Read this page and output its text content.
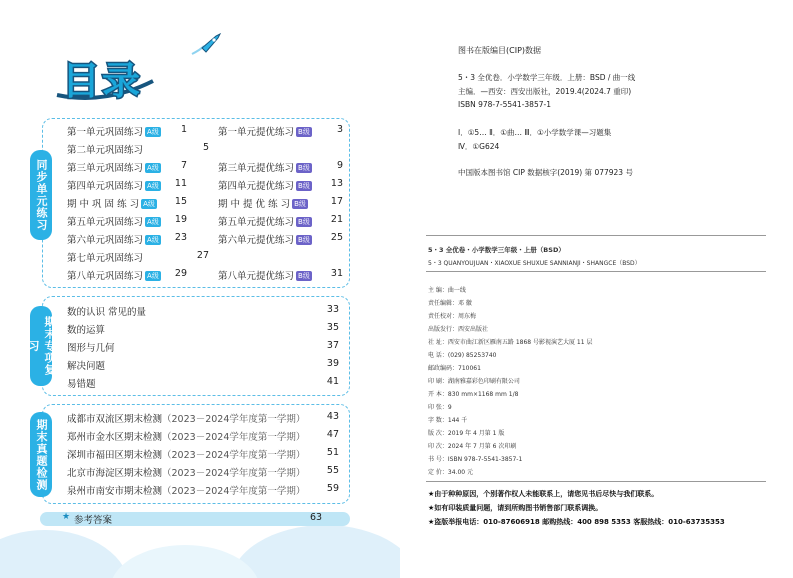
目录
同步单元练习
第一单元巩固练习 A级	1
第二单元巩固练习	5
第三单元巩固练习 A级	7
第四单元巩固练习 A级	11
期 中 巩 固 练 习 A级	15
第五单元巩固练习 A级	19
第六单元巩固练习 A级	23
第七单元巩固练习	27
第八单元巩固练习 A级	29
第一单元提优练习 B级	3
第三单元提优练习 B级	9
第四单元提优练习 B级	13
期 中 提 优 练 习 B级	17
第五单元提优练习 B级	21
第六单元提优练习 B级	25
第八单元提优练习 B级	31
期末专项复习
数的认识 常见的量	33
数的运算	35
图形与几何	37
解决问题	39
易错题	41
期末真题检测	成都市双流区期末检测（2023－2024学年度第一学期）	43
郑州市金水区期末检测（2023－2024学年度第一学期）	47
深圳市福田区期末检测（2023－2024学年度第一学期）	51
北京市海淀区期末检测（2023－2024学年度第一学期）	55
泉州市南安市期末检测（2023－2024学年度第一学期）	59
★ 参考答案	63
图书在版编目(CIP)数据
5・3 全优卷．小学数学三年级．上册：BSD / 曲一线
主编．—西安：西安出版社，2019.4(2024.7 重印)
ISBN 978-7-5541-3857-1
Ⅰ．①5… Ⅱ．①曲… Ⅲ．①小学数学课—习题集
Ⅳ．①G624
中国版本图书馆 CIP 数据核字(2019) 第 077923 号
5・3 全优卷・小学数学三年级・上册（BSD）
5・3 QUANYOUJUAN・XIAOXUE SHUXUE SANNIANJI・SHANGCE（BSD）
主 编：曲一线
责任编辑：邓 徽
责任校对：周东梅
出版发行：西安出版社
社 址：西安市曲江新区雁南五路 1868 号影视演艺大厦 11 层
电 话：(029) 85253740
邮政编码：710061
印 刷：湖南雅嘉彩色印刷有限公司
开 本：830 mm×1168 mm 1/8
印 张：9
字 数：144 千
版 次：2019 年 4 月第 1 版
印 次：2024 年 7 月第 6 次印刷
书 号：ISBN 978-7-5541-3857-1
定 价：34.00 元
★由于种种原因，个别著作权人未能联系上，请您见书后尽快与我们联系。
★如有印装质量问题，请到所购图书销售部门联系调换。
★盗版举报电话：010-87606918 邮购热线：400 898 5353 客服热线：010-63735353
